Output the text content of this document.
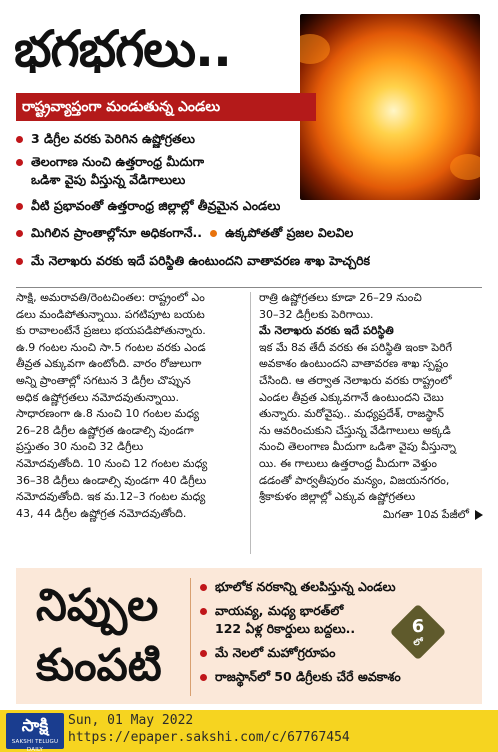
భగభగలు..
రాష్ట్రవ్యాప్తంగా మండుతున్న ఎండలు
3 డిగ్రీల వరకు పెరిగిన ఉష్ణోగ్రతలు
తెలంగాణ నుంచి ఉత్తరాంధ్ర మీదుగా
ఒడిశా వైపు వీస్తున్న వేడిగాలులు
వీటి ప్రభావంతో ఉత్తరాంధ్ర జిల్లాల్లో తీవ్రమైన ఎండలు
మిగిలిన ప్రాంతాల్లోనూ అధికంగానే.. ఉక్కపోతతో ప్రజల విలవిల
మే నెలాఖరు వరకు ఇదే పరిస్థితి ఉంటుందని వాతావరణ శాఖ హెచ్చరిక
సాక్షి, అమరావతి/రెంటచింతల: రాష్ట్రంలో ఎం
డలు మండిపోతున్నాయి. పగటిపూట బయట
కు రావాలంటేనే ప్రజలు భయపడిపోతున్నారు.
ఉ.9 గంటల నుంచి సా.5 గంటల వరకు ఎండ
తీవ్రత ఎక్కువగా ఉంటోంది. వారం రోజులుగా
అన్ని ప్రాంతాల్లో సగటున 3 డిగ్రీల చొప్పున
అధిక ఉష్ణోగ్రతలు నమోదవుతున్నాయి.
సాధారణంగా ఉ.8 నుంచి 10 గంటల మధ్య
26–28 డిగ్రీల ఉష్ణోగ్రత ఉండాల్సి వుండగా
ప్రస్తుతం 30 నుంచి 32 డిగ్రీలు
నమోదవుతోంది. 10 నుంచి 12 గంటల మధ్య
36–38 డిగ్రీలు ఉండాల్సి వుండగా 40 డిగ్రీలు
నమోదవుతోంది. ఇక మ.12–3 గంటల మధ్య
43, 44 డిగ్రీల ఉష్ణోగ్రత నమోదవుతోంది.
రాత్రి ఉష్ణోగ్రతలు కూడా 26–29 నుంచి
30–32 డిగ్రీలకు పెరిగాయి.
మే నెలాఖరు వరకు ఇదే పరిస్థితి
ఇక మే 8వ తేదీ వరకు ఈ పరిస్థితి ఇంకా పెరిగే
అవకాశం ఉంటుందని వాతావరణ శాఖ స్పష్టం
చేసింది. ఆ తర్వాత నెలాఖరు వరకు రాష్ట్రంలో
ఎండల తీవ్రత ఎక్కువగానే ఉంటుందని చెబు
తున్నారు. మరోవైపు.. మధ్యప్రదేశ్, రాజస్థాన్
ను ఆవరించుకుని చేస్తున్న వేడిగాలులు అక్కడి
నుంచి తెలంగాణ మీదుగా ఒడిశా వైపు వీస్తున్నా
యి. ఈ గాలులు ఉత్తరాంధ్ర మీదుగా వెళ్తుం
డడంతో పార్వతీపురం మన్యం, విజయనగరం,
శ్రీకాకుళం జిల్లాల్లో ఎక్కువ ఉష్ణోగ్రతలు
మిగతా 10వ పేజీలో
నిప్పుల
కుంపటి
భూలోక నరకాన్ని తలపిస్తున్న ఎండలు
వాయవ్య, మధ్య భారత్‌లో
122 ఏళ్ల రికార్డులు బద్దలు..
మే నెలలో మహోగ్రరూపం
రాజస్థాన్‌లో 50 డిగ్రీలకు చేరే అవకాశం
6
లో
సాక్షి
SAKSHI TELUGU DAILY
Sun, 01 May 2022
https://epaper.sakshi.com/c/67767454
